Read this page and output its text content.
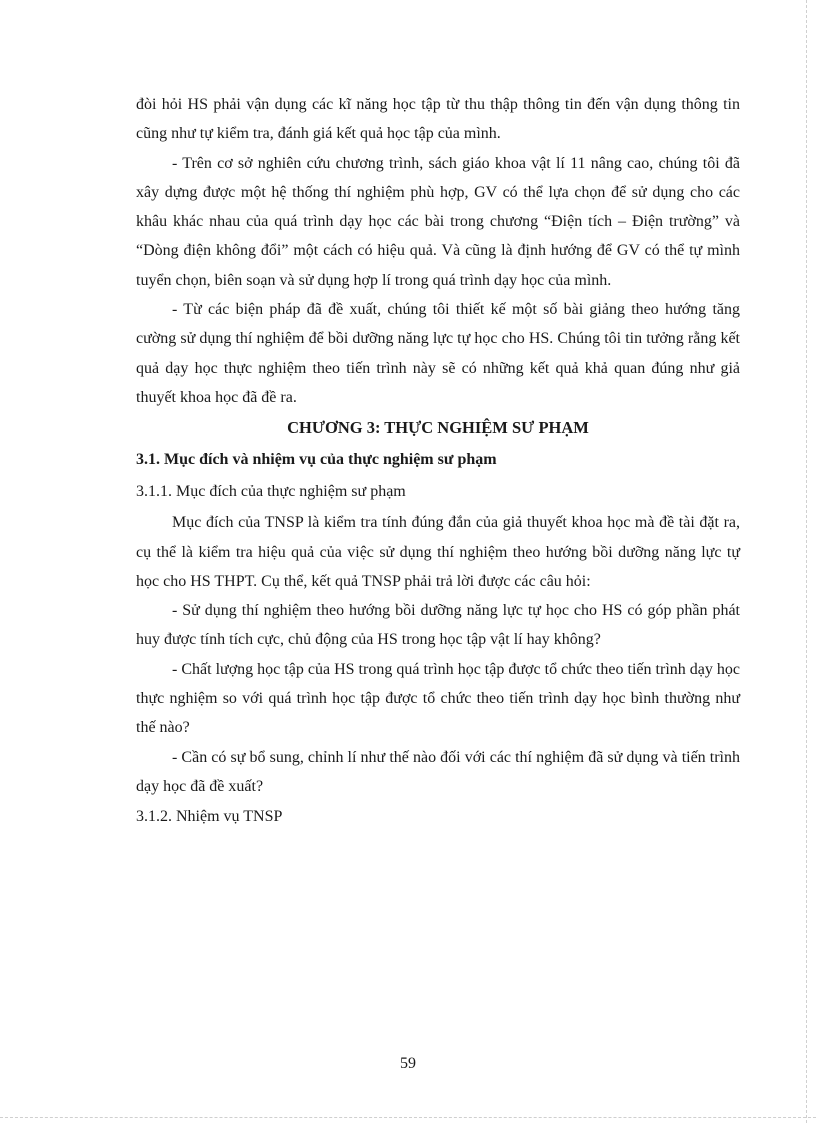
đòi hỏi HS phải vận dụng các kĩ năng học tập từ thu thập thông tin đến vận dụng thông tin cũng như tự kiểm tra, đánh giá kết quả học tập của mình.

- Trên cơ sở nghiên cứu chương trình, sách giáo khoa vật lí 11 nâng cao, chúng tôi đã xây dựng được một hệ thống thí nghiệm phù hợp, GV có thể lựa chọn để sử dụng cho các khâu khác nhau của quá trình dạy học các bài trong chương “Điện tích – Điện trường” và “Dòng điện không đổi” một cách có hiệu quả. Và cũng là định hướng để GV có thể tự mình tuyển chọn, biên soạn và sử dụng hợp lí trong quá trình dạy học của mình.

- Từ các biện pháp đã đề xuất, chúng tôi thiết kế một số bài giảng theo hướng tăng cường sử dụng thí nghiệm để bồi dưỡng năng lực tự học cho HS. Chúng tôi tin tưởng rằng kết quả dạy học thực nghiệm theo tiến trình này sẽ có những kết quả khả quan đúng như giả thuyết khoa học đã đề ra.

CHƯƠNG 3: THỰC NGHIỆM SƯ PHẠM

3.1. Mục đích và nhiệm vụ của thực nghiệm sư phạm

3.1.1. Mục đích của thực nghiệm sư phạm

Mục đích của TNSP là kiểm tra tính đúng đắn của giả thuyết khoa học mà đề tài đặt ra, cụ thể là kiểm tra hiệu quả của việc sử dụng thí nghiệm theo hướng bồi dưỡng năng lực tự học cho HS THPT. Cụ thể, kết quả TNSP phải trả lời được các câu hỏi:

- Sử dụng thí nghiệm theo hướng bồi dưỡng năng lực tự học cho HS có góp phần phát huy được tính tích cực, chủ động của HS trong học tập vật lí hay không?

- Chất lượng học tập của HS trong quá trình học tập được tổ chức theo tiến trình dạy học thực nghiệm so với quá trình học tập được tổ chức theo tiến trình dạy học bình thường như thế nào?

- Cần có sự bổ sung, chỉnh lí như thế nào đối với các thí nghiệm đã sử dụng và tiến trình dạy học đã đề xuất?

3.1.2. Nhiệm vụ TNSP

59
